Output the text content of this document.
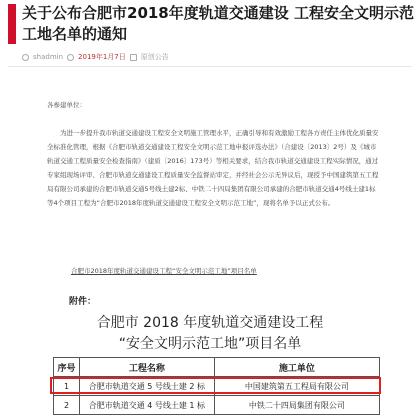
关于公布合肥市2018年度轨道交通建设 工程安全文明示范工地名单的通知
shadmin 2019年1月7日 原创公告
各参建单位：
为进一步提升我市轨道交通建设工程安全文明施工管理水平，正确引导和有效激励工程各方责任主体优化质量安全标准化管理，根据《合肥市轨道交通建设工程安全文明示范工地申报评选办法》（合建设〔2013〕2号）及《城市轨道交通工程质量安全检查指南》（建质〔2016〕173号）等相关要求，结合我市轨道交通建设工程实际情况，通过专家组现场评审、合肥市轨道交通建设工程质量安全监督站审定，并经社会公示无异议后，现授予中国建筑第五工程局有限公司承建的合肥市轨道交通5号线土建2标、中铁二十四局集团有限公司承建的合肥市轨道交通4号线土建1标等4个项目工程为“合肥市2018年度轨道交通建设工程安全文明示范工地”，现将名单予以正式公布。
合肥市2018年度轨道交通建设工程“安全文明示范工地”项目名单
附件：
合肥市 2018 年度轨道交通建设工程
“安全文明示范工地”项目名单
序号	工程名称	施工单位
1	合肥市轨道交通 5 号线土建 2 标	中国建筑第五工程局有限公司
2	合肥市轨道交通 4 号线土建 1 标	中铁二十四局集团有限公司
